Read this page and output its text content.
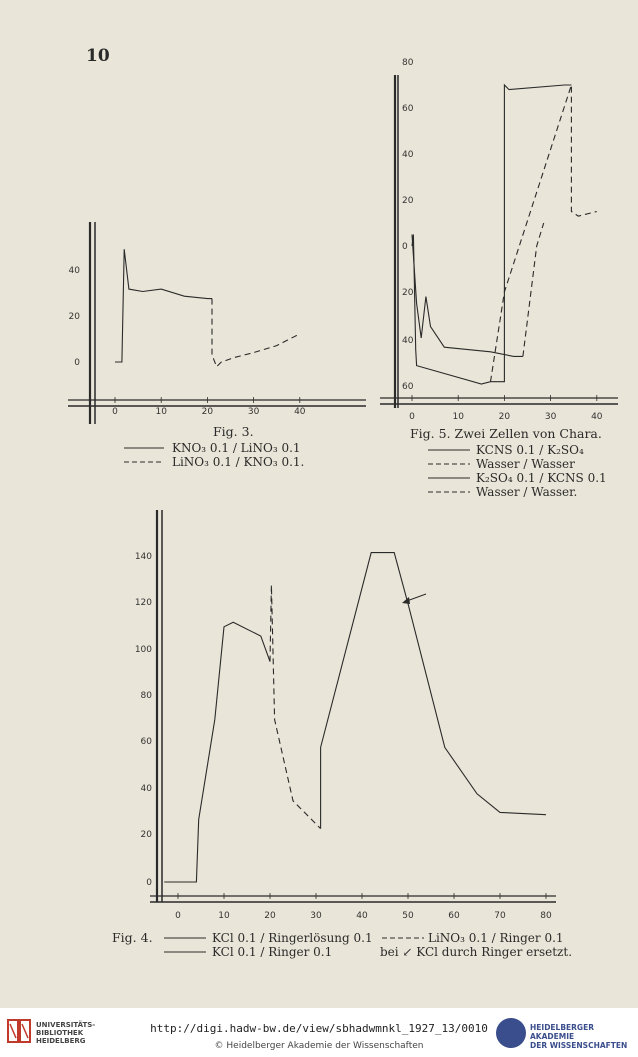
10
40
20
0
0	10	20	30	40
80
60
40
20
0
20
40
60
0	10	20	30	40
140
120
100
80
60
40
20
0
0	10	20	30	40	50	60	70	80
Fig. 3.
KNO₃ 0.1 / LiNO₃ 0.1
LiNO₃ 0.1 / KNO₃ 0.1.
Fig. 5. Zwei Zellen von Chara.
KCNS 0.1 / K₂SO₄
Wasser / Wasser
K₂SO₄ 0.1 / KCNS 0.1
Wasser / Wasser.
Fig. 4.	KCl 0.1 / Ringerlösung 0.1	LiNO₃ 0.1 / Ringer 0.1
KCl 0.1 / Ringer 0.1	bei ↙ KCl durch Ringer ersetzt.
UNIVERSITÄTS-
BIBLIOTHEK
HEIDELBERG
http://digi.hadw-bw.de/view/sbhadwmnkl_1927_13/0010
© Heidelberger Akademie der Wissenschaften
HEIDELBERGER AKADEMIE
DER WISSENSCHAFTEN
